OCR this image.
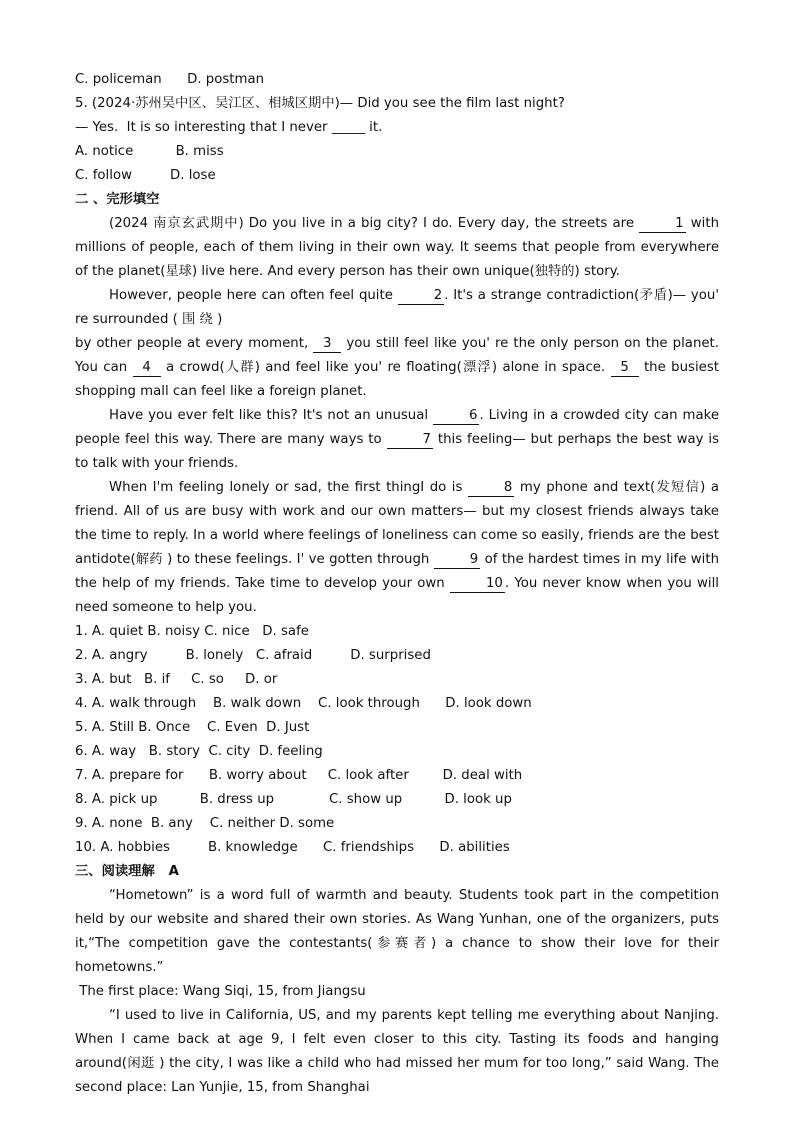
C. policeman D. postman
5. (2024·苏州吴中区、吴江区、相城区期中)— Did you see the film last night?
— Yes.  It is so interesting that I never _____ it.
A. notice	B. miss
C. follow	D. lose
二 、完形填空
(2024 南京玄武期中) Do you live in a big city? I do. Every day, the streets are	1 with millions of people, each of them living in their own way. It seems that people from everywhere of the planet(星球) live here. And every person has their own unique(独特的) story.
However, people here can often feel quite	2 . It's a strange contradiction(矛盾)— you' re surrounded ( 围 绕 )
by other people at every moment, 3 you still feel like you' re the only person on the planet. You can 4 a crowd(人群) and feel like you' re floating(漂浮) alone in space. 5 the busiest shopping mall can feel like a foreign planet.
Have you ever felt like this? It's not an unusual	6 . Living in a crowded city can make people feel this way. There are many ways to	7 this feeling— but perhaps the best way is to talk with your friends.
When I'm feeling lonely or sad, the first thingI do is	8 my phone and text(发短信) a friend. All of us are busy with work and our own matters— but my closest friends always take the time to reply. In a world where feelings of loneliness can come so easily, friends are the best antidote(解药 ) to these feelings. I' ve gotten through	9 of the hardest times in my life with the help of my friends. Take time to develop your own	10 . You never know when you will need someone to help you.
1. A. quiet B. noisy C. nice   D. safe
2. A. angry         B. lonely   C. afraid         D. surprised
3. A. but   B. if     C. so     D. or
4. A. walk through    B. walk down    C. look through      D. look down
5. A. Still B. Once    C. Even  D. Just
6. A. way   B. story  C. city  D. feeling
7. A. prepare for      B. worry about     C. look after        D. deal with
8. A. pick up          B. dress up             C. show up          D. look up
9. A. none  B. any    C. neither D. some
10. A. hobbies         B. knowledge      C. friendships      D. abilities
三、阅读理解   A
“Hometown” is a word full of warmth and beauty. Students took part in the competition held by our website and shared their own stories. As Wang Yunhan, one of the organizers, puts it,“The competition gave the contestants(参赛者) a chance to show their love for their hometowns.”
The first place: Wang Siqi, 15, from Jiangsu
“I used to live in California, US, and my parents kept telling me everything about Nanjing. When I came back at age 9, I felt even closer to this city. Tasting its foods and hanging around(闲逛 ) the city, I was like a child who had missed her mum for too long,” said Wang. The second place: Lan Yunjie, 15, from Shanghai
